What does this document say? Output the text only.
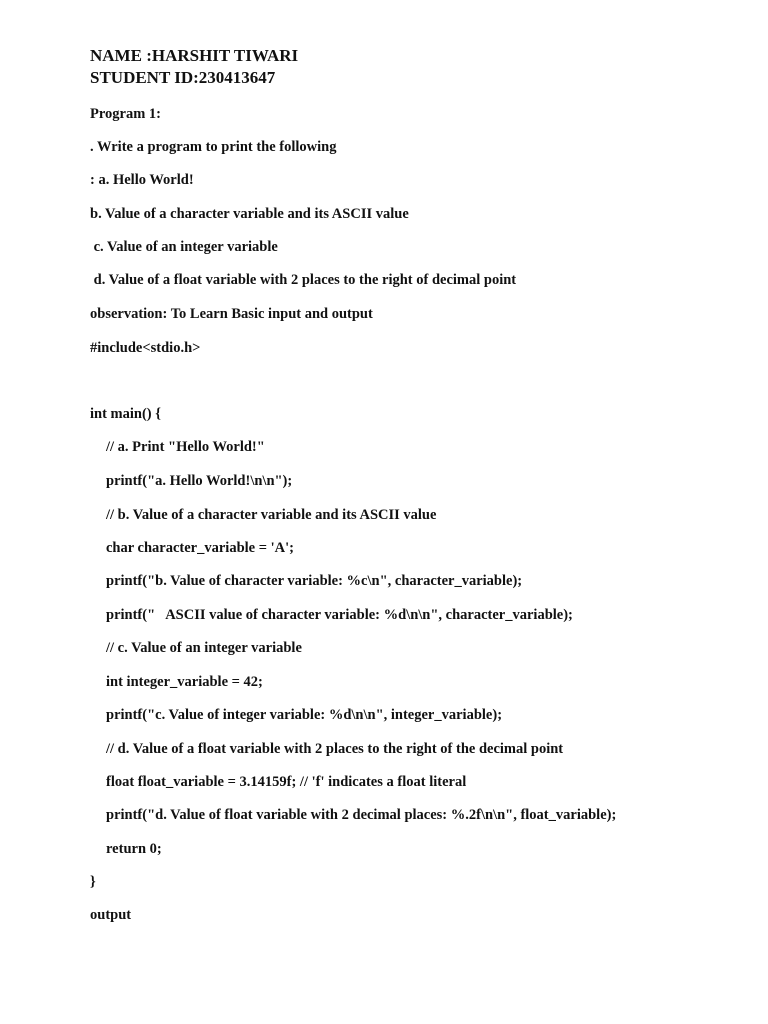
NAME :HARSHIT TIWARI
STUDENT ID:230413647
Program 1:
. Write a program to print the following
: a. Hello World!
b. Value of a character variable and its ASCII value
c. Value of an integer variable
d. Value of a float variable with 2 places to the right of decimal point
observation: To Learn Basic input and output
#include<stdio.h>
int main() {
// a. Print "Hello World!"
printf("a. Hello World!\n\n");
// b. Value of a character variable and its ASCII value
char character_variable = 'A';
printf("b. Value of character variable: %c\n", character_variable);
printf("   ASCII value of character variable: %d\n\n", character_variable);
// c. Value of an integer variable
int integer_variable = 42;
printf("c. Value of integer variable: %d\n\n", integer_variable);
// d. Value of a float variable with 2 places to the right of the decimal point
float float_variable = 3.14159f; // 'f' indicates a float literal
printf("d. Value of float variable with 2 decimal places: %.2f\n\n", float_variable);
return 0;
}
output
